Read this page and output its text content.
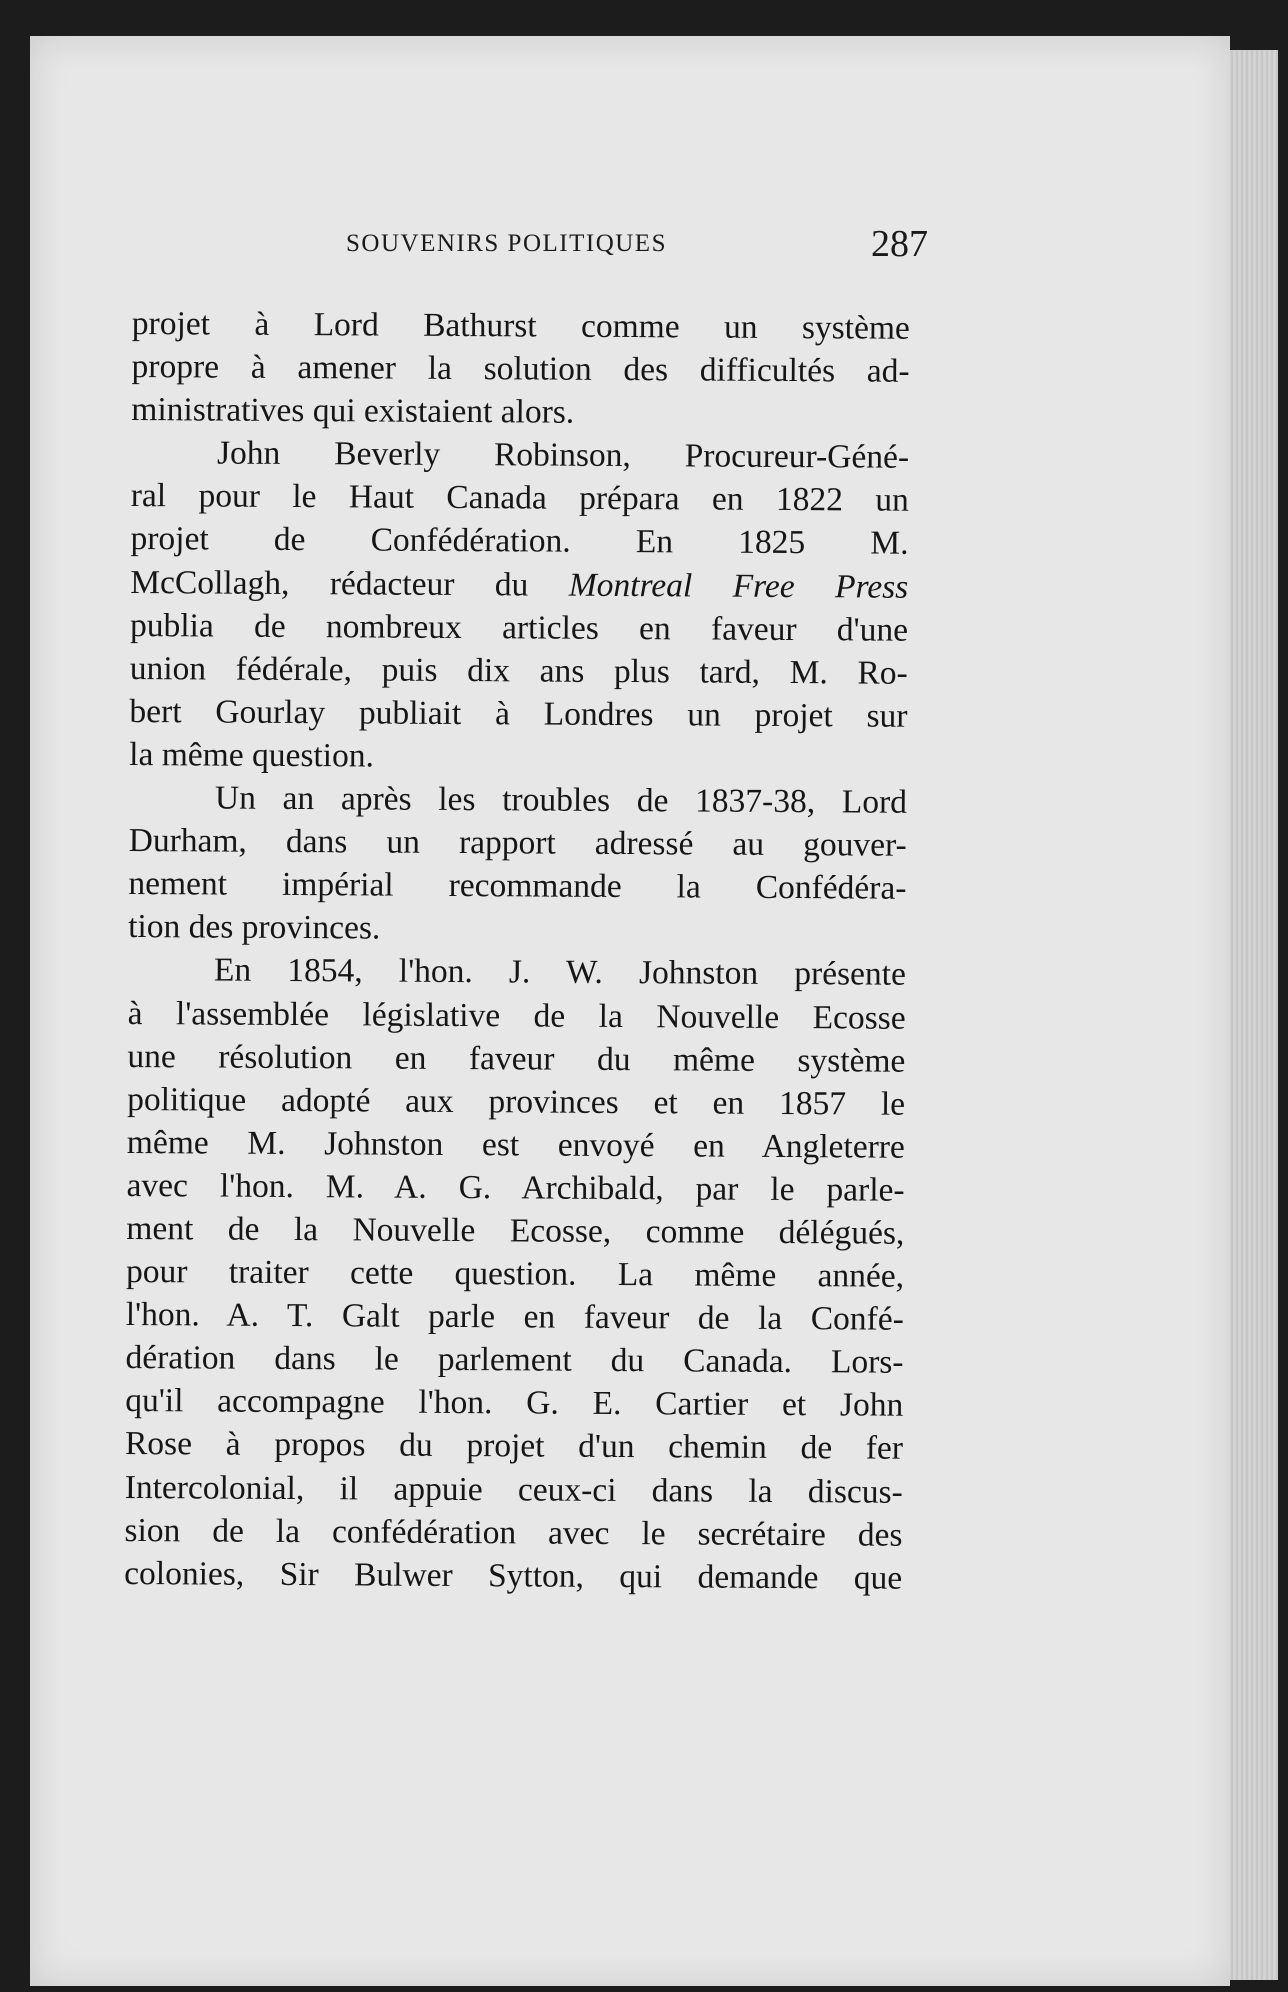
SOUVENIRS POLITIQUES	287

projet à Lord Bathurst comme un système
propre à amener la solution des difficultés ad-
ministratives qui existaient alors.

John Beverly Robinson, Procureur-Géné-
ral pour le Haut Canada prépara en 1822 un
projet de Confédération. En 1825 M.
McCollagh, rédacteur du Montreal Free Press
publia de nombreux articles en faveur d'une
union fédérale, puis dix ans plus tard, M. Ro-
bert Gourlay publiait à Londres un projet sur
la même question.

Un an après les troubles de 1837-38, Lord
Durham, dans un rapport adressé au gouver-
nement impérial recommande la Confédéra-
tion des provinces.

En 1854, l'hon. J. W. Johnston présente
à l'assemblée législative de la Nouvelle Ecosse
une résolution en faveur du même système
politique adopté aux provinces et en 1857 le
même M. Johnston est envoyé en Angleterre
avec l'hon. M. A. G. Archibald, par le parle-
ment de la Nouvelle Ecosse, comme délégués,
pour traiter cette question. La même année,
l'hon. A. T. Galt parle en faveur de la Confé-
dération dans le parlement du Canada. Lors-
qu'il accompagne l'hon. G. E. Cartier et John
Rose à propos du projet d'un chemin de fer
Intercolonial, il appuie ceux-ci dans la discus-
sion de la confédération avec le secrétaire des
colonies, Sir Bulwer Sytton, qui demande que
